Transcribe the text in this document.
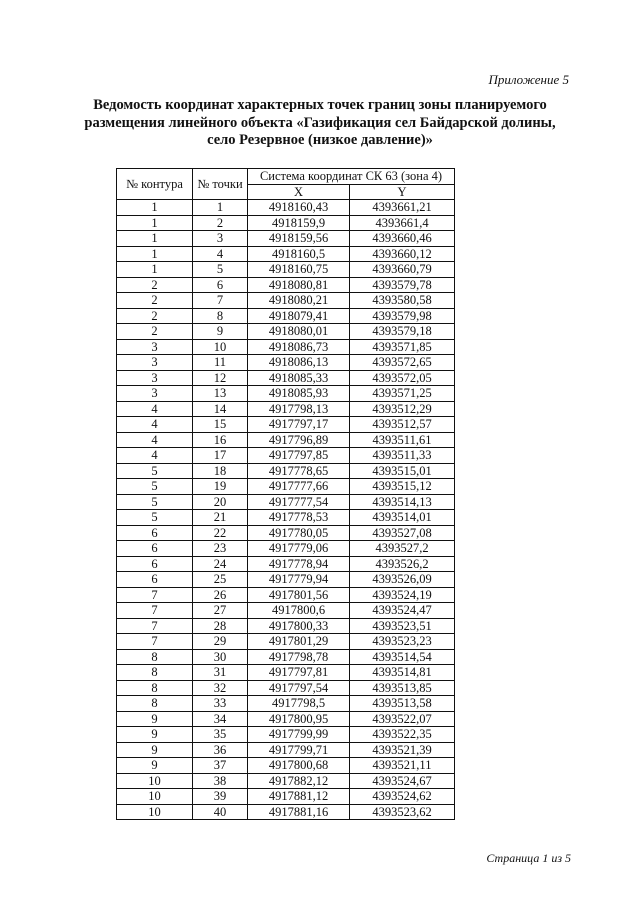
Приложение 5
Ведомость координат характерных точек границ зоны планируемого
размещения линейного объекта «Газификация сел Байдарской долины,
село Резервное (низкое давление)»
№ контура	№ точки	Система координат СК 63 (зона 4)	
		X	Y
1	1	4918160,43	4393661,21
1	2	4918159,9	4393661,4
1	3	4918159,56	4393660,46
1	4	4918160,5	4393660,12
1	5	4918160,75	4393660,79
2	6	4918080,81	4393579,78
2	7	4918080,21	4393580,58
2	8	4918079,41	4393579,98
2	9	4918080,01	4393579,18
3	10	4918086,73	4393571,85
3	11	4918086,13	4393572,65
3	12	4918085,33	4393572,05
3	13	4918085,93	4393571,25
4	14	4917798,13	4393512,29
4	15	4917797,17	4393512,57
4	16	4917796,89	4393511,61
4	17	4917797,85	4393511,33
5	18	4917778,65	4393515,01
5	19	4917777,66	4393515,12
5	20	4917777,54	4393514,13
5	21	4917778,53	4393514,01
6	22	4917780,05	4393527,08
6	23	4917779,06	4393527,2
6	24	4917778,94	4393526,2
6	25	4917779,94	4393526,09
7	26	4917801,56	4393524,19
7	27	4917800,6	4393524,47
7	28	4917800,33	4393523,51
7	29	4917801,29	4393523,23
8	30	4917798,78	4393514,54
8	31	4917797,81	4393514,81
8	32	4917797,54	4393513,85
8	33	4917798,5	4393513,58
9	34	4917800,95	4393522,07
9	35	4917799,99	4393522,35
9	36	4917799,71	4393521,39
9	37	4917800,68	4393521,11
10	38	4917882,12	4393524,67
10	39	4917881,12	4393524,62
10	40	4917881,16	4393523,62
Страница 1 из 5
